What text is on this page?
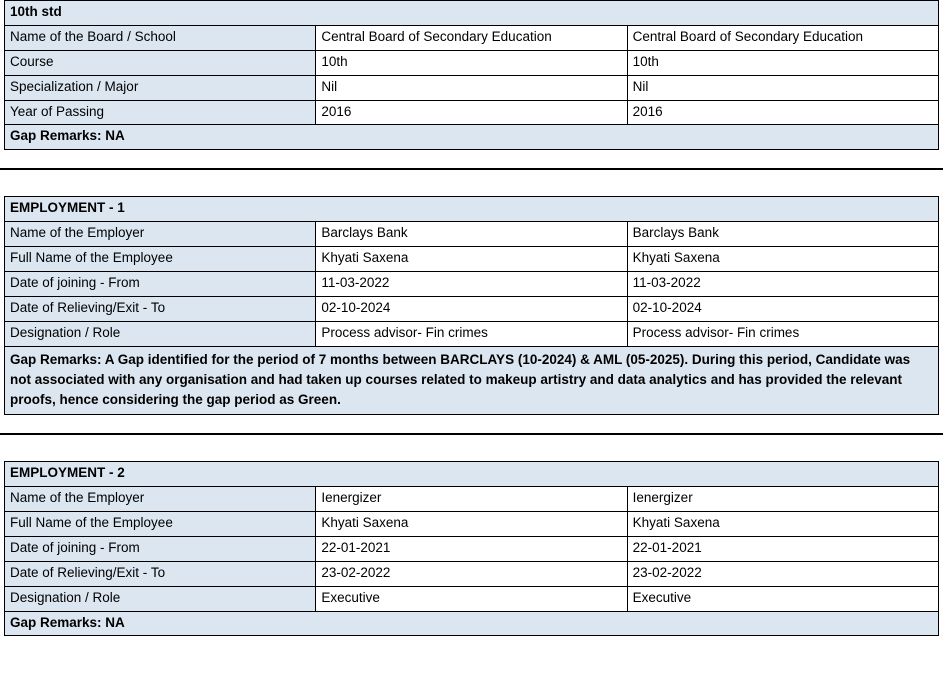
10th std		
Name of the Board / School	Central Board of Secondary Education	Central Board of Secondary Education
Course	10th	10th
Specialization / Major	Nil	Nil
Year of Passing	2016	2016
Gap Remarks: NA		
EMPLOYMENT - 1		
Name of the Employer	Barclays Bank	Barclays Bank
Full Name of the Employee	Khyati Saxena	Khyati Saxena
Date of joining - From	11-03-2022	11-03-2022
Date of Relieving/Exit - To	02-10-2024	02-10-2024
Designation / Role	Process advisor- Fin crimes	Process advisor- Fin crimes
Gap Remarks: A Gap identified for the period of 7 months between BARCLAYS (10-2024) & AML (05-2025). During this period, Candidate was not associated with any organisation and had taken up courses related to makeup artistry and data analytics and has provided the relevant proofs, hence considering the gap period as Green.		
EMPLOYMENT - 2		
Name of the Employer	Ienergizer	Ienergizer
Full Name of the Employee	Khyati Saxena	Khyati Saxena
Date of joining - From	22-01-2021	22-01-2021
Date of Relieving/Exit - To	23-02-2022	23-02-2022
Designation / Role	Executive	Executive
Gap Remarks: NA		
